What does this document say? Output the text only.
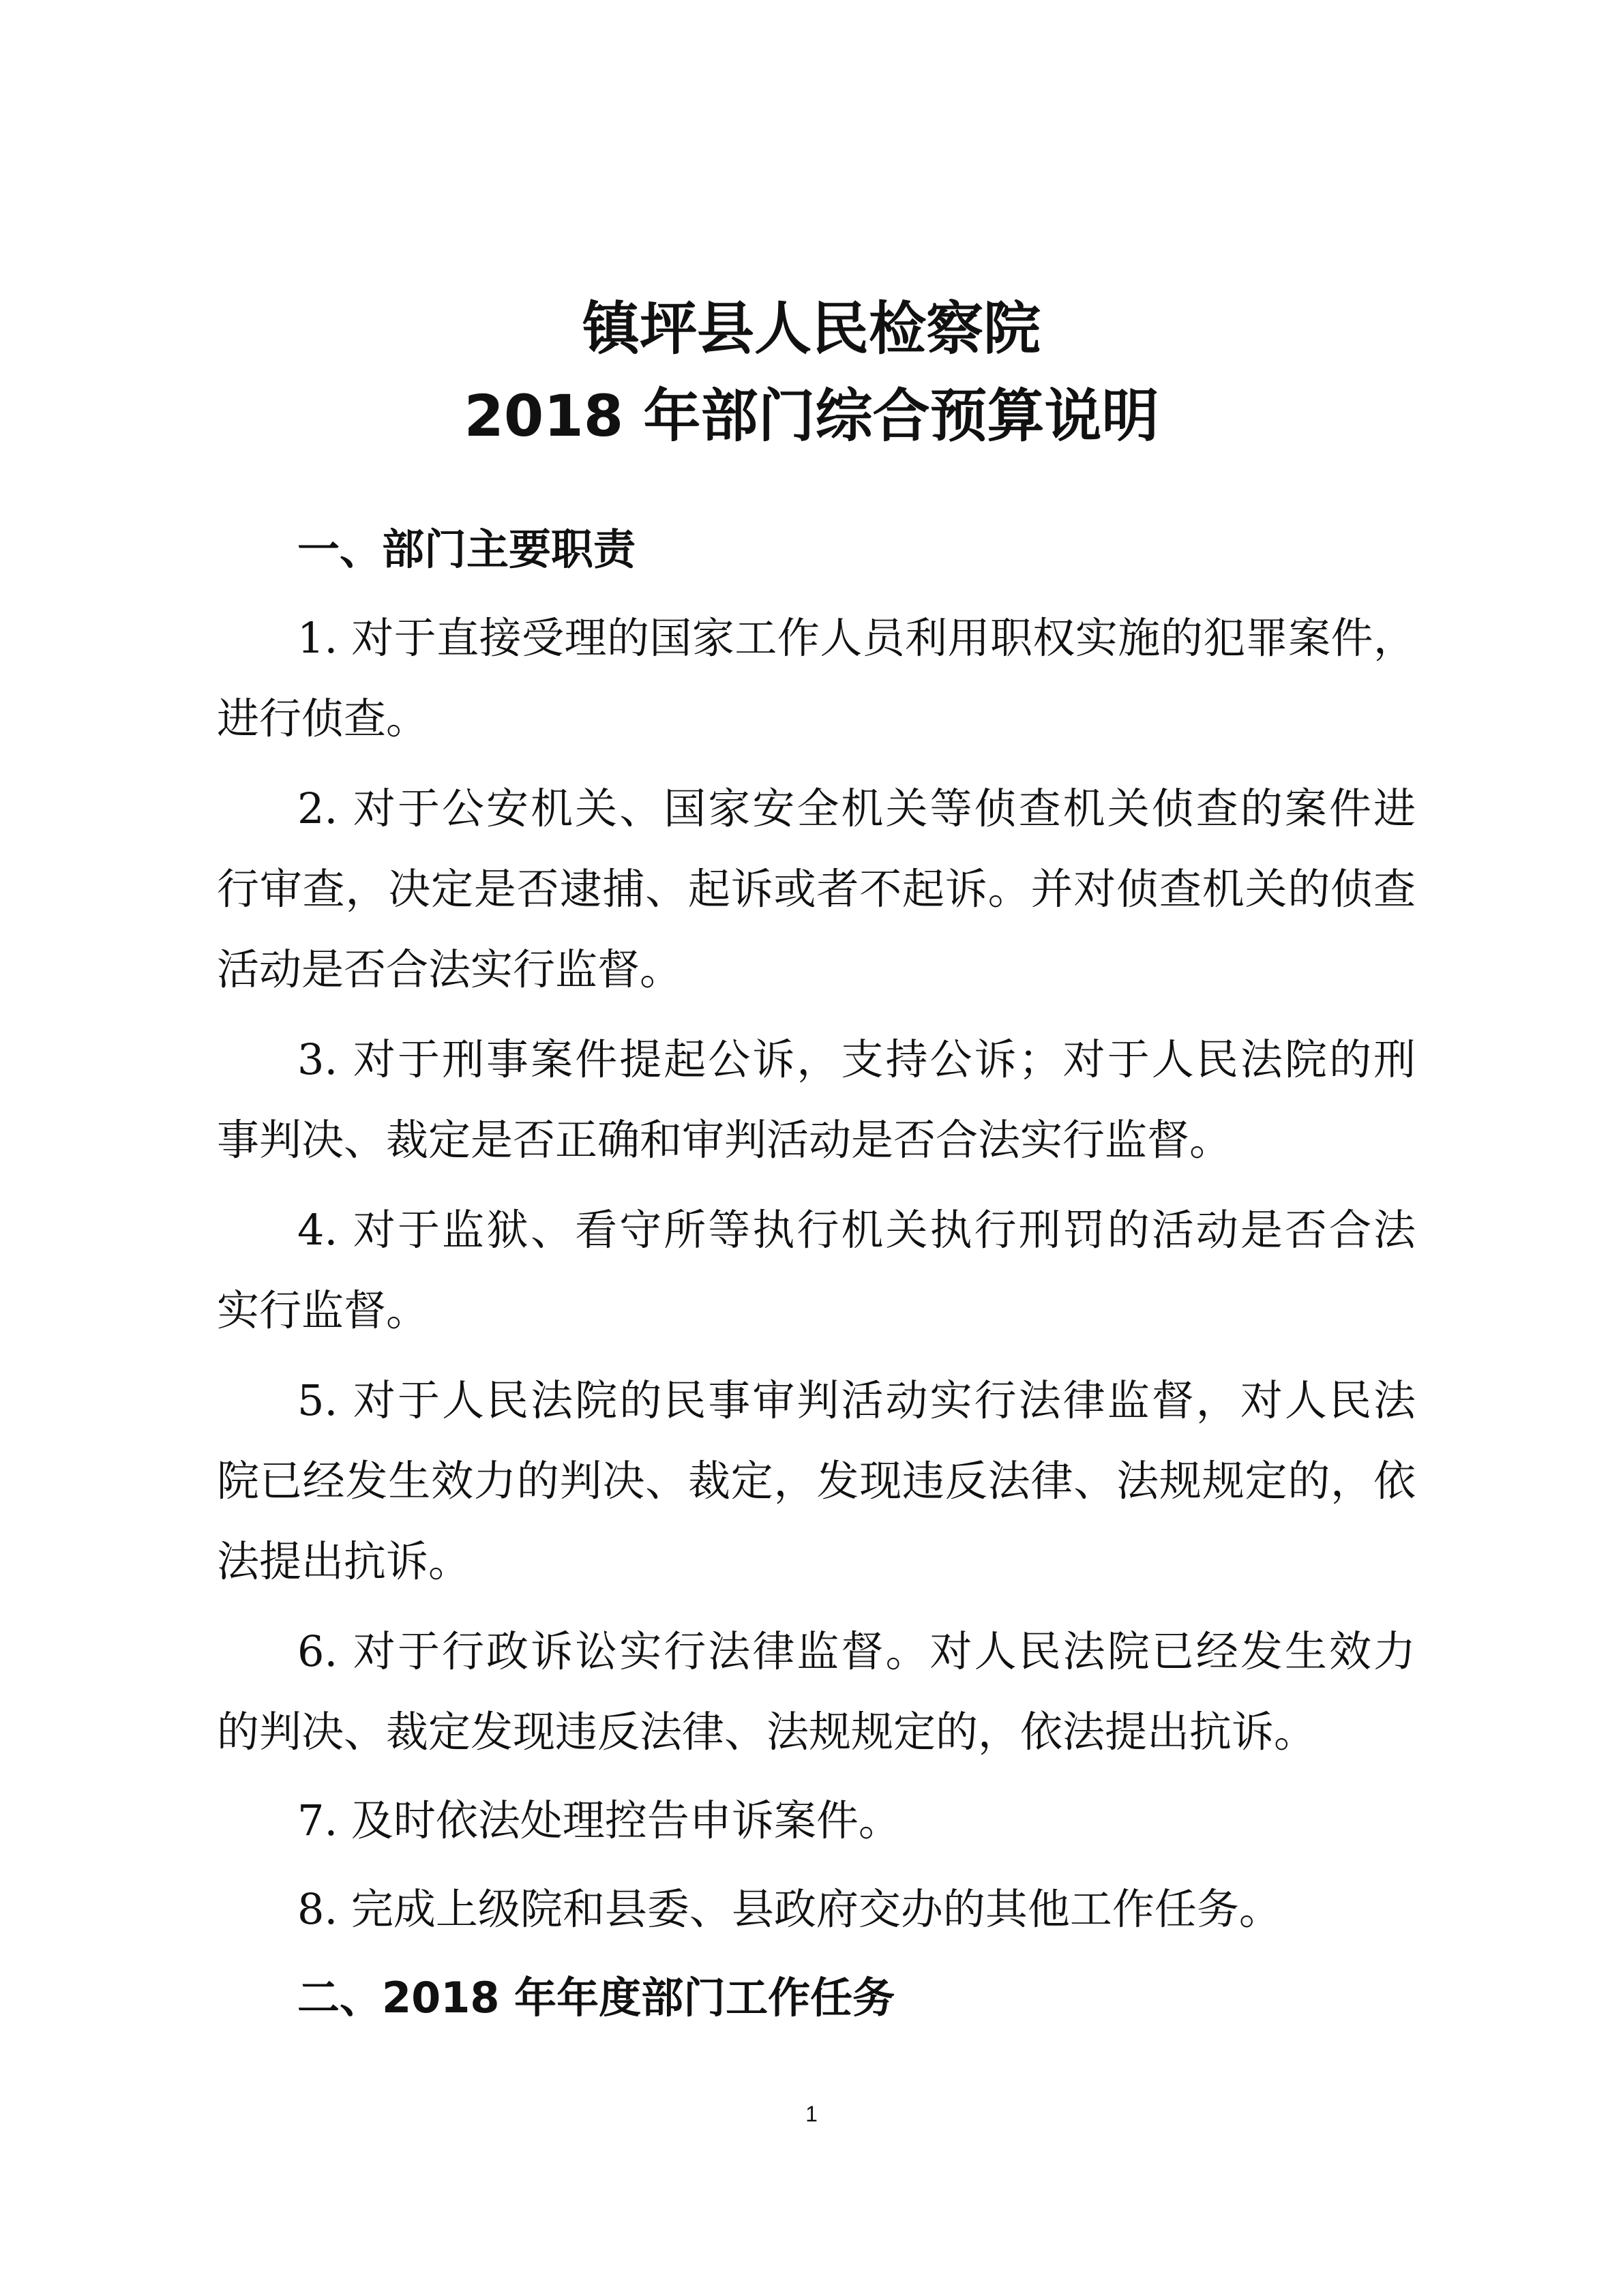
镇坪县人民检察院
2018 年部门综合预算说明
一、部门主要职责
1. 对于直接受理的国家工作人员利用职权实施的犯罪案件，
进行侦查。
2. 对于公安机关、国家安全机关等侦查机关侦查的案件进
行审查，决定是否逮捕、起诉或者不起诉。并对侦查机关的侦查
活动是否合法实行监督。
3. 对于刑事案件提起公诉，支持公诉；对于人民法院的刑
事判决、裁定是否正确和审判活动是否合法实行监督。
4. 对于监狱、看守所等执行机关执行刑罚的活动是否合法
实行监督。
5. 对于人民法院的民事审判活动实行法律监督，对人民法
院已经发生效力的判决、裁定，发现违反法律、法规规定的，依
法提出抗诉。
6. 对于行政诉讼实行法律监督。对人民法院已经发生效力
的判决、裁定发现违反法律、法规规定的，依法提出抗诉。
7. 及时依法处理控告申诉案件。
8. 完成上级院和县委、县政府交办的其他工作任务。
二、2018 年年度部门工作任务
1
